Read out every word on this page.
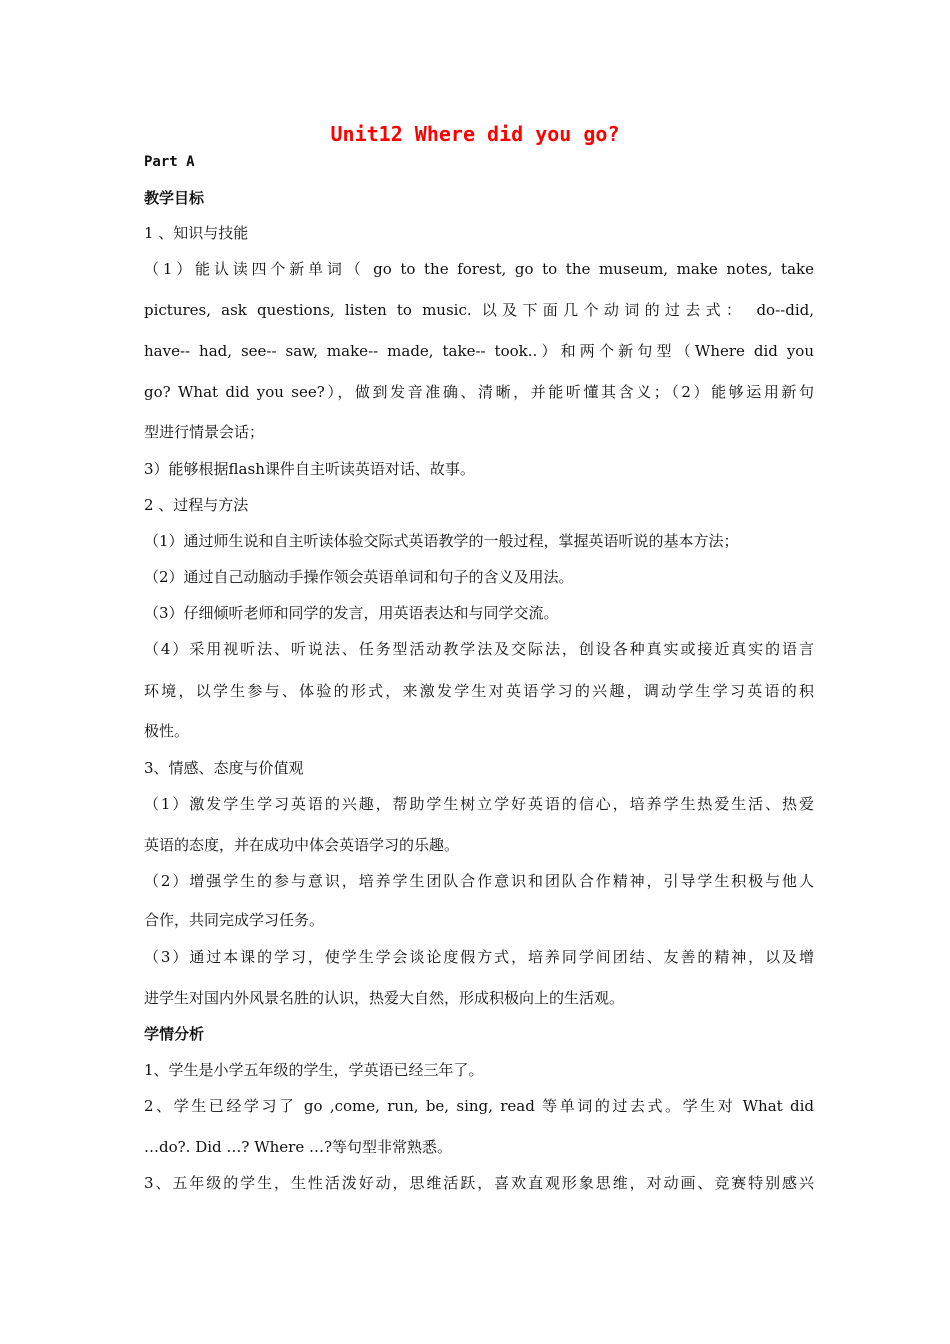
Unit12 Where did you go?
Part A
教学目标
1 、知识与技能
（1）能认读四个新单词（ go to the forest, go to the museum, make notes, take
pictures, ask questions, listen to music. 以及下面几个动词的过去式： do--did,
have-- had, see-- saw, make-- made, take-- took..）和两个新句型（Where did you
go? What did you see?），做到发音准确、清晰，并能听懂其含义；（2）能够运用新句
型进行情景会话；
3）能够根据flash课件自主听读英语对话、故事。
2 、过程与方法
（1）通过师生说和自主听读体验交际式英语教学的一般过程，掌握英语听说的基本方法；
（2）通过自己动脑动手操作领会英语单词和句子的含义及用法。
（3）仔细倾听老师和同学的发言，用英语表达和与同学交流。
（4）采用视听法、听说法、任务型活动教学法及交际法，创设各种真实或接近真实的语言
环境，以学生参与、体验的形式，来激发学生对英语学习的兴趣，调动学生学习英语的积
极性。
3、情感、态度与价值观
（1）激发学生学习英语的兴趣，帮助学生树立学好英语的信心，培养学生热爱生活、热爱
英语的态度，并在成功中体会英语学习的乐趣。
（2）增强学生的参与意识，培养学生团队合作意识和团队合作精神，引导学生积极与他人
合作，共同完成学习任务。
（3）通过本课的学习，使学生学会谈论度假方式，培养同学间团结、友善的精神，以及增
进学生对国内外风景名胜的认识，热爱大自然，形成积极向上的生活观。
学情分析
1、学生是小学五年级的学生，学英语已经三年了。
2、学生已经学习了 go ,come, run, be, sing, read 等单词的过去式。学生对 What did
…do?. Did …? Where …?等句型非常熟悉。
3、五年级的学生，生性活泼好动，思维活跃，喜欢直观形象思维，对动画、竞赛特别感兴
